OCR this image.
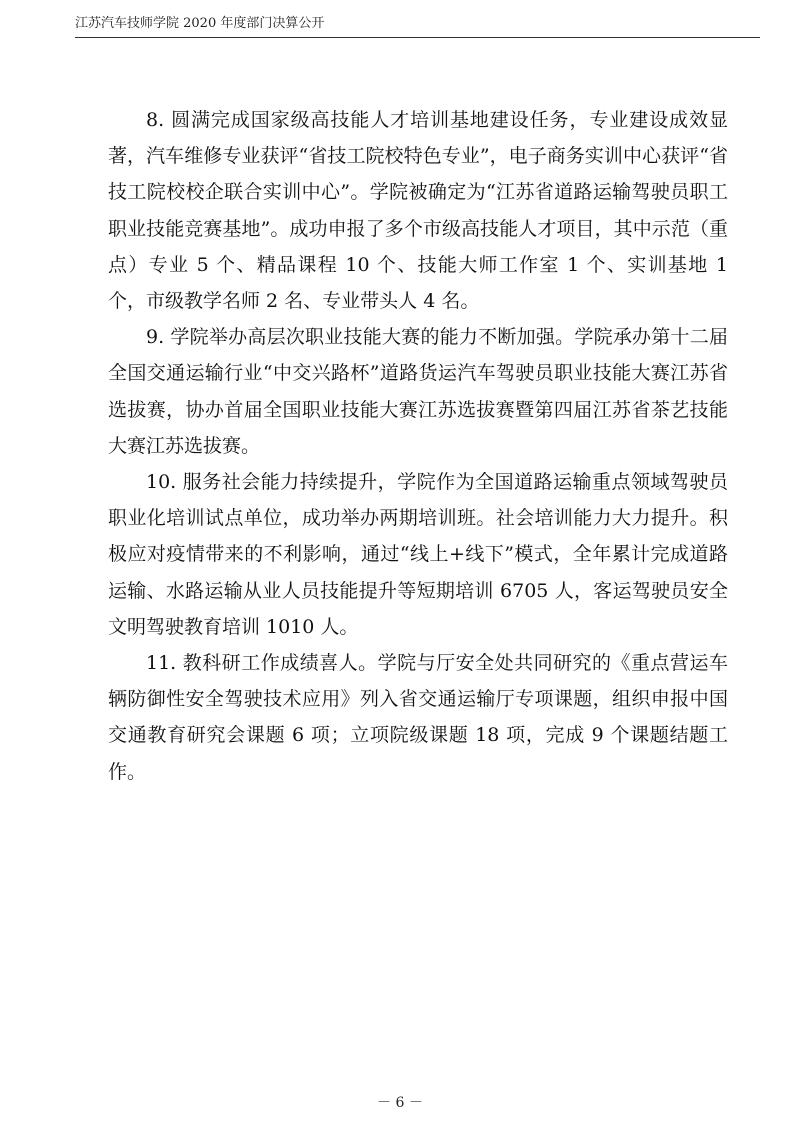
江苏汽车技师学院 2020 年度部门决算公开

8. 圆满完成国家级高技能人才培训基地建设任务，专业建设成效显著，汽车维修专业获评“省技工院校特色专业”，电子商务实训中心获评“省技工院校校企联合实训中心”。学院被确定为“江苏省道路运输驾驶员职工职业技能竞赛基地”。成功申报了多个市级高技能人才项目，其中示范（重点）专业 5 个、精品课程 10 个、技能大师工作室 1 个、实训基地 1 个，市级教学名师 2 名、专业带头人 4 名。

9. 学院举办高层次职业技能大赛的能力不断加强。学院承办第十二届全国交通运输行业“中交兴路杯”道路货运汽车驾驶员职业技能大赛江苏省选拔赛，协办首届全国职业技能大赛江苏选拔赛暨第四届江苏省茶艺技能大赛江苏选拔赛。

10. 服务社会能力持续提升，学院作为全国道路运输重点领域驾驶员职业化培训试点单位，成功举办两期培训班。社会培训能力大力提升。积极应对疫情带来的不利影响，通过“线上+线下”模式，全年累计完成道路运输、水路运输从业人员技能提升等短期培训 6705 人，客运驾驶员安全文明驾驶教育培训 1010 人。

11. 教科研工作成绩喜人。学院与厅安全处共同研究的《重点营运车辆防御性安全驾驶技术应用》列入省交通运输厅专项课题，组织申报中国交通教育研究会课题 6 项；立项院级课题 18 项，完成 9 个课题结题工作。

－ 6 －
